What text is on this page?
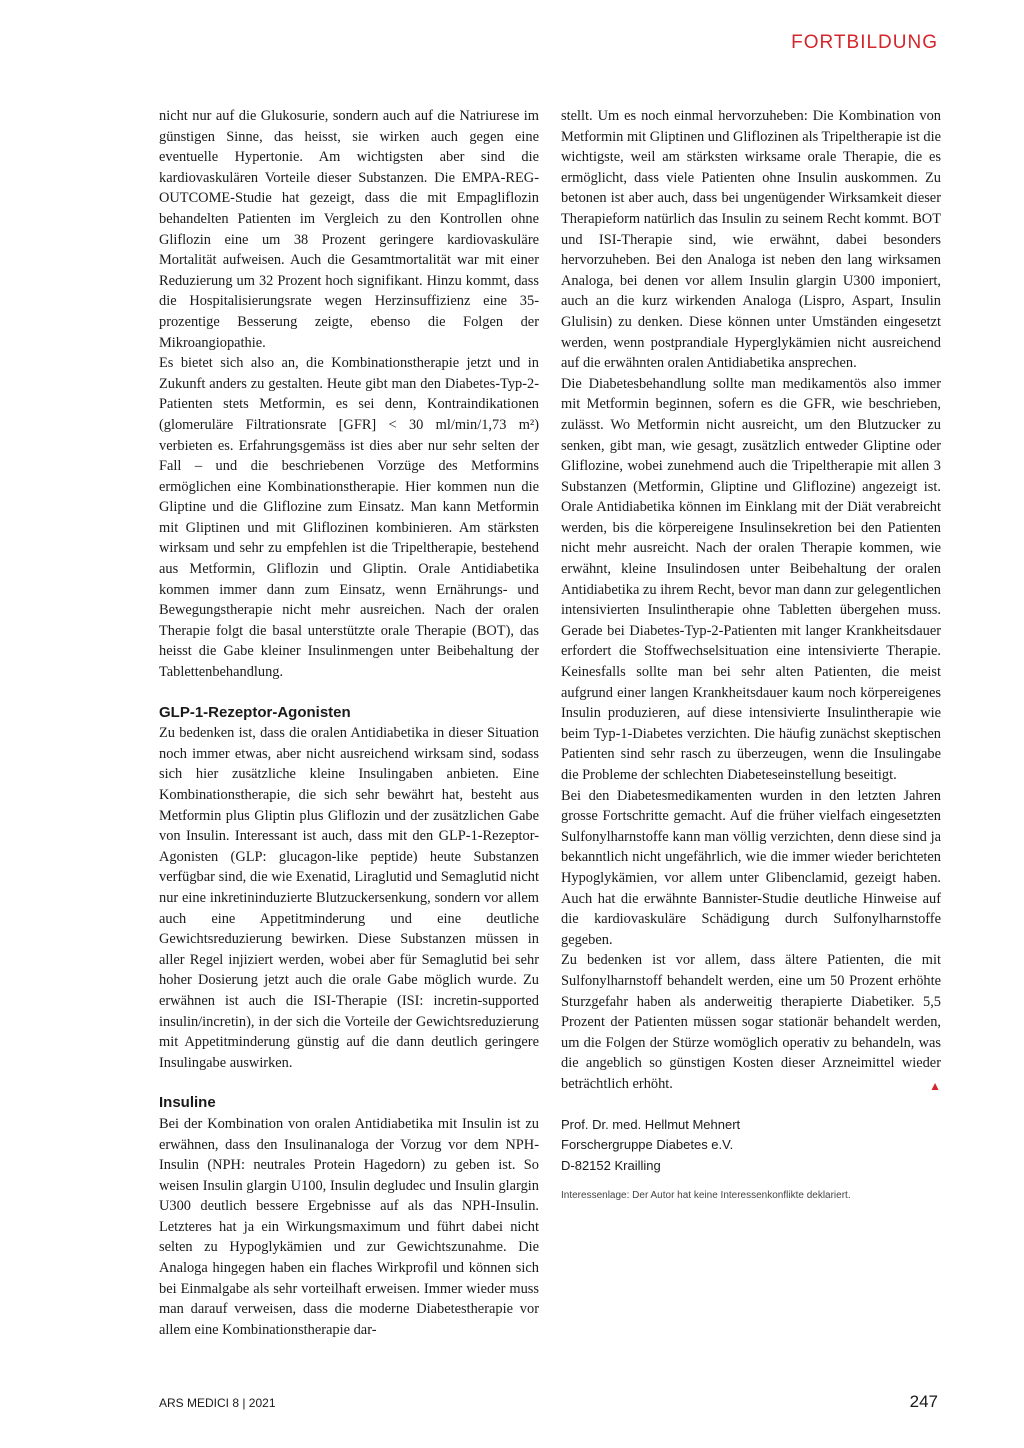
FORTBILDUNG

nicht nur auf die Glukosurie, sondern auch auf die Natriurese im günstigen Sinne, das heisst, sie wirken auch gegen eine eventuelle Hypertonie. Am wichtigsten aber sind die kardiovaskulären Vorteile dieser Substanzen. Die EMPA-REG-OUTCOME-Studie hat gezeigt, dass die mit Empagliflozin behandelten Patienten im Vergleich zu den Kontrollen ohne Gliflozin eine um 38 Prozent geringere kardiovaskuläre Mortalität aufweisen. Auch die Gesamtmortalität war mit einer Reduzierung um 32 Prozent hoch signifikant. Hinzu kommt, dass die Hospitalisierungsrate wegen Herzinsuffizienz eine 35-prozentige Besserung zeigte, ebenso die Folgen der Mikroangiopathie.

Es bietet sich also an, die Kombinationstherapie jetzt und in Zukunft anders zu gestalten. Heute gibt man den Diabetes-Typ-2-Patienten stets Metformin, es sei denn, Kontraindikationen (glomeruläre Filtrationsrate [GFR] < 30 ml/min/1,73 m²) verbieten es. Erfahrungsgemäss ist dies aber nur sehr selten der Fall – und die beschriebenen Vorzüge des Metformins ermöglichen eine Kombinationstherapie. Hier kommen nun die Gliptine und die Gliflozine zum Einsatz. Man kann Metformin mit Gliptinen und mit Gliflozinen kombinieren. Am stärksten wirksam und sehr zu empfehlen ist die Tripeltherapie, bestehend aus Metformin, Gliflozin und Gliptin. Orale Antidiabetika kommen immer dann zum Einsatz, wenn Ernährungs- und Bewegungstherapie nicht mehr ausreichen. Nach der oralen Therapie folgt die basal unterstützte orale Therapie (BOT), das heisst die Gabe kleiner Insulinmengen unter Beibehaltung der Tablettenbehandlung.

GLP-1-Rezeptor-Agonisten

Zu bedenken ist, dass die oralen Antidiabetika in dieser Situation noch immer etwas, aber nicht ausreichend wirksam sind, sodass sich hier zusätzliche kleine Insulingaben anbieten. Eine Kombinationstherapie, die sich sehr bewährt hat, besteht aus Metformin plus Gliptin plus Gliflozin und der zusätzlichen Gabe von Insulin. Interessant ist auch, dass mit den GLP-1-Rezeptor-Agonisten (GLP: glucagon-like peptide) heute Substanzen verfügbar sind, die wie Exenatid, Liraglutid und Semaglutid nicht nur eine inkretininduzierte Blutzuckersenkung, sondern vor allem auch eine Appetitminderung und eine deutliche Gewichtsreduzierung bewirken. Diese Substanzen müssen in aller Regel injiziert werden, wobei aber für Semaglutid bei sehr hoher Dosierung jetzt auch die orale Gabe möglich wurde. Zu erwähnen ist auch die ISI-Therapie (ISI: incretin-supported insulin/incretin), in der sich die Vorteile der Gewichtsreduzierung mit Appetitminderung günstig auf die dann deutlich geringere Insulingabe auswirken.

Insuline

Bei der Kombination von oralen Antidiabetika mit Insulin ist zu erwähnen, dass den Insulinanaloga der Vorzug vor dem NPH-Insulin (NPH: neutrales Protein Hagedorn) zu geben ist. So weisen Insulin glargin U100, Insulin degludec und Insulin glargin U300 deutlich bessere Ergebnisse auf als das NPH-Insulin. Letzteres hat ja ein Wirkungsmaximum und führt dabei nicht selten zu Hypoglykämien und zur Gewichtszunahme. Die Analoga hingegen haben ein flaches Wirkprofil und können sich bei Einmalgabe als sehr vorteilhaft erweisen. Immer wieder muss man darauf verweisen, dass die moderne Diabetestherapie vor allem eine Kombinationstherapie dar-

stellt. Um es noch einmal hervorzuheben: Die Kombination von Metformin mit Gliptinen und Gliflozinen als Tripeltherapie ist die wichtigste, weil am stärksten wirksame orale Therapie, die es ermöglicht, dass viele Patienten ohne Insulin auskommen. Zu betonen ist aber auch, dass bei ungenügender Wirksamkeit dieser Therapieform natürlich das Insulin zu seinem Recht kommt. BOT und ISI-Therapie sind, wie erwähnt, dabei besonders hervorzuheben. Bei den Analoga ist neben den lang wirksamen Analoga, bei denen vor allem Insulin glargin U300 imponiert, auch an die kurz wirkenden Analoga (Lispro, Aspart, Insulin Glulisin) zu denken. Diese können unter Umständen eingesetzt werden, wenn postprandiale Hyperglykämien nicht ausreichend auf die erwähnten oralen Antidiabetika ansprechen.

Die Diabetesbehandlung sollte man medikamentös also immer mit Metformin beginnen, sofern es die GFR, wie beschrieben, zulässt. Wo Metformin nicht ausreicht, um den Blutzucker zu senken, gibt man, wie gesagt, zusätzlich entweder Gliptine oder Gliflozine, wobei zunehmend auch die Tripeltherapie mit allen 3 Substanzen (Metformin, Gliptine und Gliflozine) angezeigt ist. Orale Antidiabetika können im Einklang mit der Diät verabreicht werden, bis die körpereigene Insulinsekretion bei den Patienten nicht mehr ausreicht. Nach der oralen Therapie kommen, wie erwähnt, kleine Insulindosen unter Beibehaltung der oralen Antidiabetika zu ihrem Recht, bevor man dann zur gelegentlichen intensivierten Insulintherapie ohne Tabletten übergehen muss. Gerade bei Diabetes-Typ-2-Patienten mit langer Krankheitsdauer erfordert die Stoffwechselsituation eine intensivierte Therapie. Keinesfalls sollte man bei sehr alten Patienten, die meist aufgrund einer langen Krankheitsdauer kaum noch körpereigenes Insulin produzieren, auf diese intensivierte Insulintherapie wie beim Typ-1-Diabetes verzichten. Die häufig zunächst skeptischen Patienten sind sehr rasch zu überzeugen, wenn die Insulingabe die Probleme der schlechten Diabeteseinstellung beseitigt.

Bei den Diabetesmedikamenten wurden in den letzten Jahren grosse Fortschritte gemacht. Auf die früher vielfach eingesetzten Sulfonylharnstoffe kann man völlig verzichten, denn diese sind ja bekanntlich nicht ungefährlich, wie die immer wieder berichteten Hypoglykämien, vor allem unter Glibenclamid, gezeigt haben. Auch hat die erwähnte Bannister-Studie deutliche Hinweise auf die kardiovaskuläre Schädigung durch Sulfonylharnstoffe gegeben.

Zu bedenken ist vor allem, dass ältere Patienten, die mit Sulfonylharnstoff behandelt werden, eine um 50 Prozent erhöhte Sturzgefahr haben als anderweitig therapierte Diabetiker. 5,5 Prozent der Patienten müssen sogar stationär behandelt werden, um die Folgen der Stürze womöglich operativ zu behandeln, was die angeblich so günstigen Kosten dieser Arzneimittel wieder beträchtlich erhöht.	▲

Prof. Dr. med. Hellmut Mehnert
Forschergruppe Diabetes e.V.
D-82152 Krailling
Interessenlage: Der Autor hat keine Interessenkonflikte deklariert.
ARS MEDICI 8 | 2021	247
